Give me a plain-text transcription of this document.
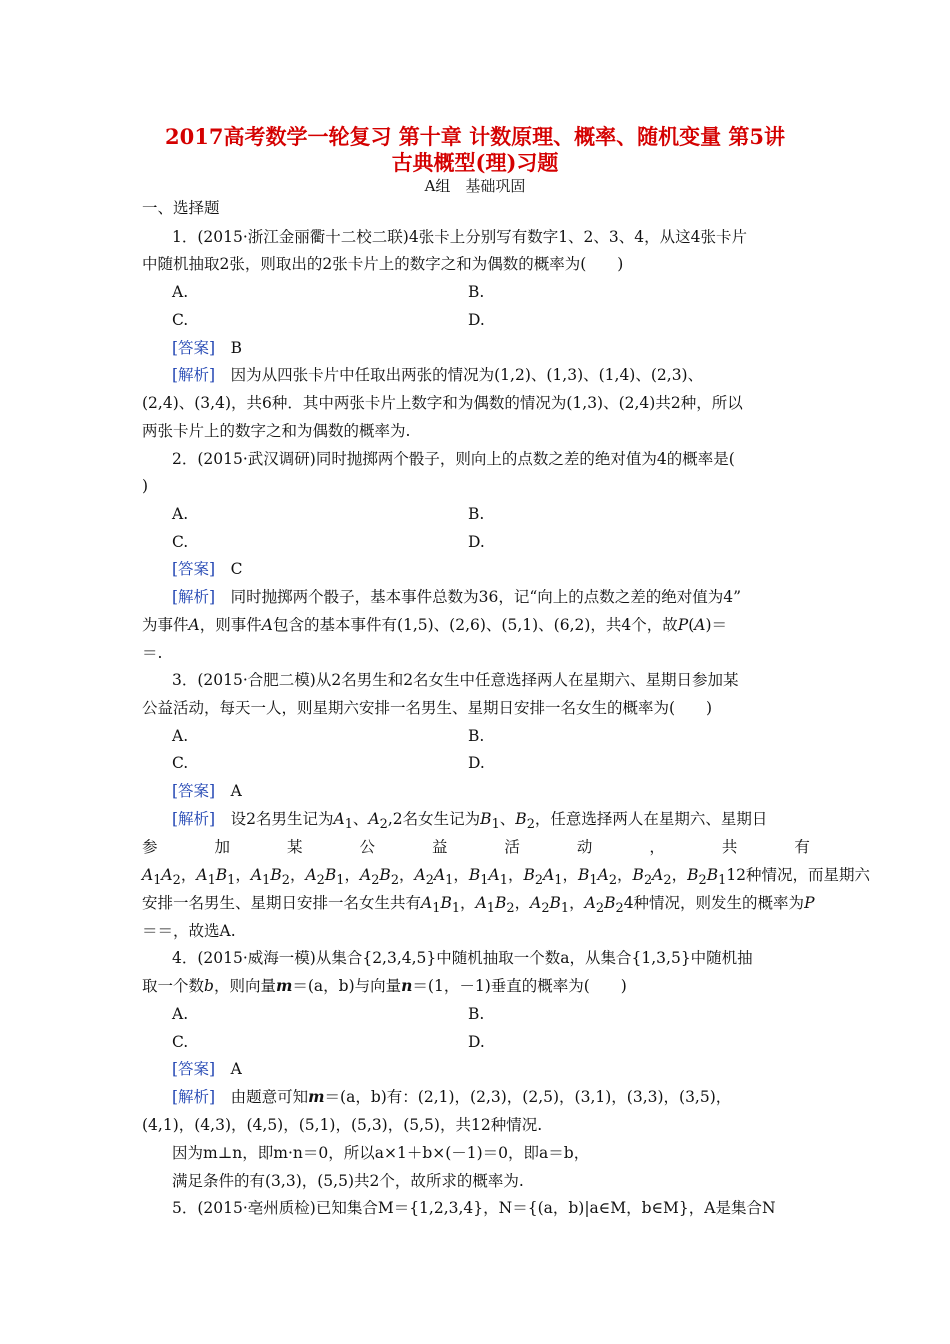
2017高考数学一轮复习 第十章 计数原理、概率、随机变量 第5讲
古典概型(理)习题
A组　基础巩固
一、选择题
1．(2015·浙江金丽衢十二校二联)4张卡上分别写有数字1、2、3、4，从这4张卡片
中随机抽取2张，则取出的2张卡片上的数字之和为偶数的概率为(　　)
A.	B.
C.	D.
[答案]　 B
[解析]　 因为从四张卡片中任取出两张的情况为(1,2)、(1,3)、(1,4)、(2,3)、
(2,4)、(3,4)，共6种．其中两张卡片上数字和为偶数的情况为(1,3)、(2,4)共2种，所以
两张卡片上的数字之和为偶数的概率为.
2．(2015·武汉调研)同时抛掷两个骰子，则向上的点数之差的绝对值为4的概率是(
)
A.	B.
C.	D.
[答案]　 C
[解析]　 同时抛掷两个骰子，基本事件总数为36，记“向上的点数之差的绝对值为4”
为事件A，则事件A包含的基本事件有(1,5)、(2,6)、(5,1)、(6,2)，共4个，故P(A)＝
＝.
3．(2015·合肥二模)从2名男生和2名女生中任意选择两人在星期六、星期日参加某
公益活动，每天一人，则星期六安排一名男生、星期日安排一名女生的概率为(　　)
A.	B.
C.	D.
[答案]　 A
[解析]　 设2名男生记为$A_1$、$A_2,2$名女生记为$B_1$、$B_2$，任意选择两人在星期六、星期日
参	加	某	公	益	活	动	，	共	有
$A_1A_2$，$A_1B_1$，$A_1B_2$，$A_2B_1$，$A_2B_2$，$A_2A_1$，$B_1A_1$，$B_2A_1$，$B_1A_2$，$B_2A_2$，$B_2B_112$种情况，而星期六
安排一名男生、星期日安排一名女生共有$A_1B_1$，$A_1B_2$，$A_2B_1$，$A_2B_24$种情况，则发生的概率为P
＝＝，故选A.
4．(2015·威海一模)从集合{2,3,4,5}中随机抽取一个数a，从集合{1,3,5}中随机抽
取一个数b，则向量m＝(a，b)与向量n＝(1，－1)垂直的概率为(　　)
A.	B.
C.	D.
[答案]　 A
[解析]　 由题意可知m＝(a，b)有：(2,1)，(2,3)，(2,5)，(3,1)，(3,3)，(3,5)，
(4,1)，(4,3)，(4,5)，(5,1)，(5,3)，(5,5)，共12种情况.
因为m⊥n，即m·n＝0，所以a×1＋b×(－1)＝0，即a＝b，
满足条件的有(3,3)，(5,5)共2个，故所求的概率为.
5．(2015·亳州质检)已知集合M＝{1,2,3,4}，N＝{(a，b)|a∈M，b∈M}，A是集合N
